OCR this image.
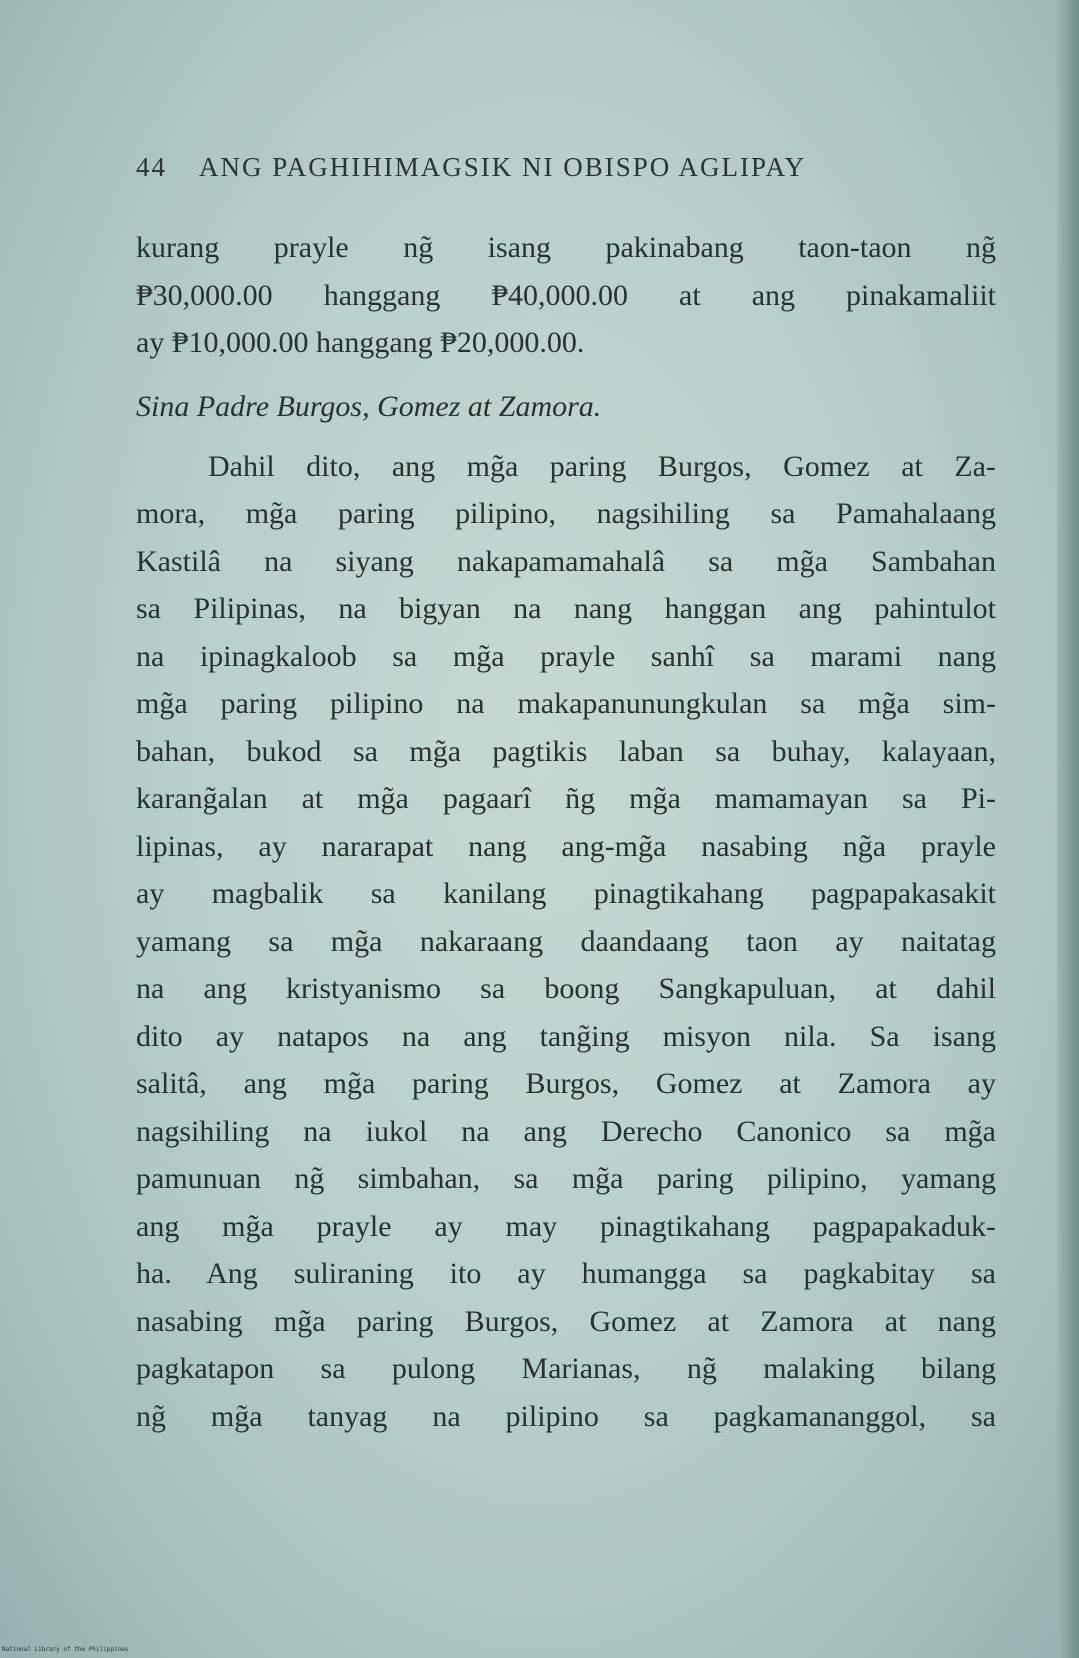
44 ANG PAGHIHIMAGSIK NI OBISPO AGLIPAY
kurang prayle ng̃ isang pakinabang taon-taon ng̃
₱30,000.00 hanggang ₱40,000.00 at ang pinakamaliit
ay ₱10,000.00 hanggang ₱20,000.00.
Sina Padre Burgos, Gomez at Zamora.
Dahil dito, ang mg̃a paring Burgos, Gomez at Za-
mora, mg̃a paring pilipino, nagsihiling sa Pamahalaang
Kastilâ na siyang nakapamamahalâ sa mg̃a Sambahan
sa Pilipinas, na bigyan na nang hanggan ang pahintulot
na ipinagkaloob sa mg̃a prayle sanhî sa marami nang
mg̃a paring pilipino na makapanunungkulan sa mg̃a sim-
bahan, bukod sa mg̃a pagtikis laban sa buhay, kalayaan,
karang̃alan at mg̃a pagaarî ñg mg̃a mamamayan sa Pi-
lipinas, ay nararapat nang ang-mg̃a nasabing ng̃a prayle
ay magbalik sa kanilang pinagtikahang pagpapakasakit
yamang sa mg̃a nakaraang daandaang taon ay naitatag
na ang kristyanismo sa boong Sangkapuluan, at dahil
dito ay natapos na ang tang̃ing misyon nila. Sa isang
salitâ, ang mg̃a paring Burgos, Gomez at Zamora ay
nagsihiling na iukol na ang Derecho Canonico sa mg̃a
pamunuan ng̃ simbahan, sa mg̃a paring pilipino, yamang
ang mg̃a prayle ay may pinagtikahang pagpapakaduk-
ha. Ang suliraning ito ay humangga sa pagkabitay sa
nasabing mg̃a paring Burgos, Gomez at Zamora at nang
pagkatapon sa pulong Marianas, ng̃ malaking bilang
ng̃ mg̃a tanyag na pilipino sa pagkamananggol, sa
National Library of the Philippines
